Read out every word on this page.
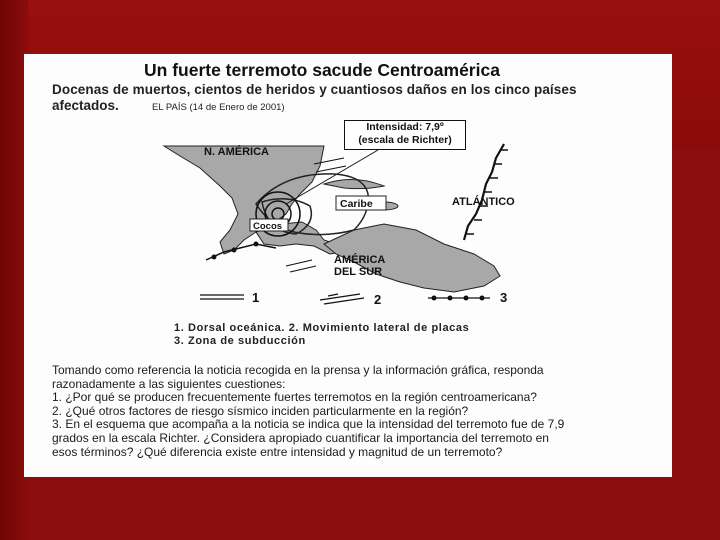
Un fuerte terremoto sacude Centroamérica
Docenas de muertos, cientos de heridos y cuantiosos daños en los cinco países
afectados.	EL PAÍS (14 de Enero de 2001)
N. AMÉRICA
Caribe
Cocos
ATLÁNTICO
AMÉRICA
DEL SUR
1	2	3
Intensidad: 7,9º
(escala de Richter)
1. Dorsal oceánica. 2. Movimiento lateral de placas
3. Zona de subducción

Tomando como referencia la noticia recogida en la prensa y la información gráfica, responda

razonadamente a las siguientes cuestiones:

1. ¿Por qué se producen frecuentemente fuertes terremotos en la región centroamericana?

2. ¿Qué otros factores de riesgo sísmico inciden particularmente en la región?

3. En el esquema que acompaña a la noticia se indica que la intensidad del terremoto fue de 7,9

grados en la escala Richter. ¿Considera apropiado cuantificar la importancia del terremoto en

esos términos? ¿Qué diferencia existe entre intensidad y magnitud de un terremoto?
